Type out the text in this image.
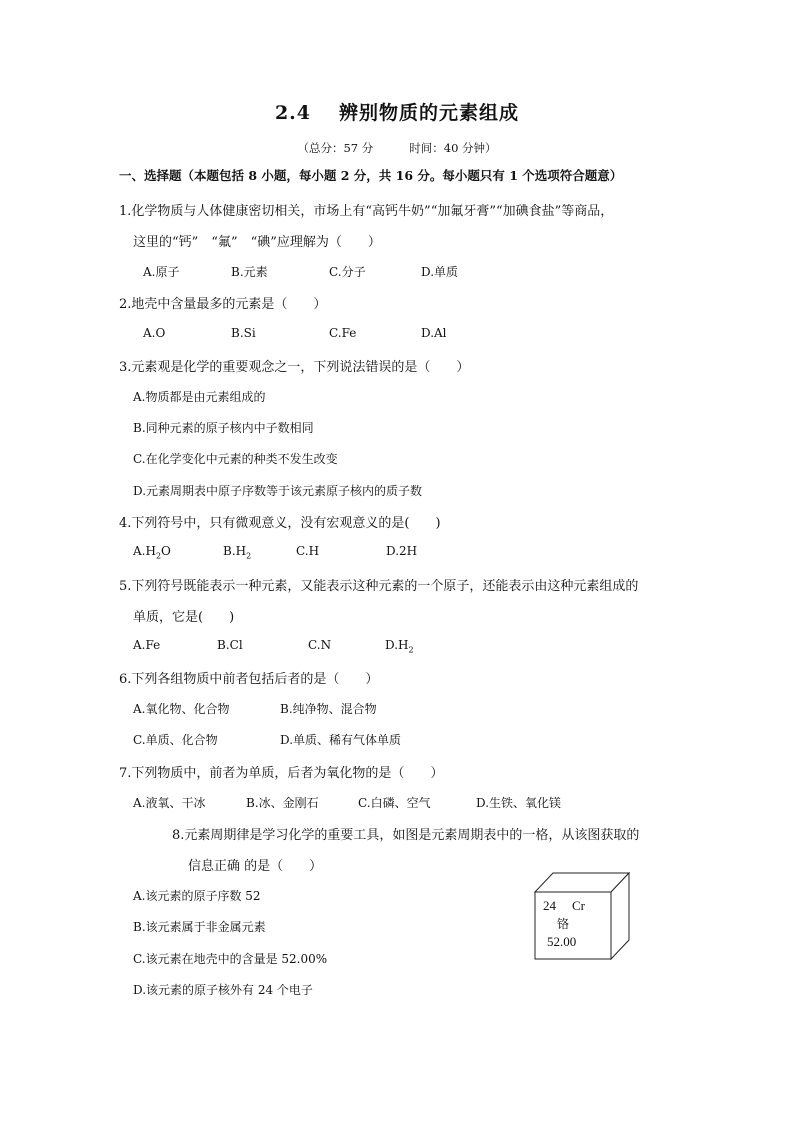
2.4 辨别物质的元素组成
（总分：57 分	时间：40 分钟）
一、选择题（本题包括 8 小题，每小题 2 分，共 16 分。每小题只有 1 个选项符合题意）
1.化学物质与人体健康密切相关，市场上有“高钙牛奶”“加氟牙膏”“加碘食盐”等商品，
这里的“钙”　“氟”　“碘”应理解为（　　）
A.原子	B.元素	C.分子	D.单质
2.地壳中含量最多的元素是（　　）
A.O	B.Si	C.Fe	D.Al
3.元素观是化学的重要观念之一，下列说法错误的是（　　）
A.物质都是由元素组成的
B.同种元素的原子核内中子数相同
C.在化学变化中元素的种类不发生改变
D.元素周期表中原子序数等于该元素原子核内的质子数
4.下列符号中，只有微观意义，没有宏观意义的是(　　)
$A.H_2O$	$B.H_2$	C.H	D.2H
5.下列符号既能表示一种元素，又能表示这种元素的一个原子，还能表示由这种元素组成的
单质，它是(　　)
A.Fe	B.Cl	C.N	$D.H_2$
6.下列各组物质中前者包括后者的是（　　）
A.氧化物、化合物	B.纯净物、混合物
C.单质、化合物	D.单质、稀有气体单质
7.下列物质中，前者为单质，后者为氧化物的是（　　）
A.液氧、干冰	B.冰、金刚石	C.白磷、空气	D.生铁、氧化镁
8.元素周期律是学习化学的重要工具，如图是元素周期表中的一格，从该图获取的
信息正确 的是（　　）
A.该元素的原子序数 52
B.该元素属于非金属元素
C.该元素在地壳中的含量是 52.00%
D.该元素的原子核外有 24 个电子
24 Cr
铬
52.00
